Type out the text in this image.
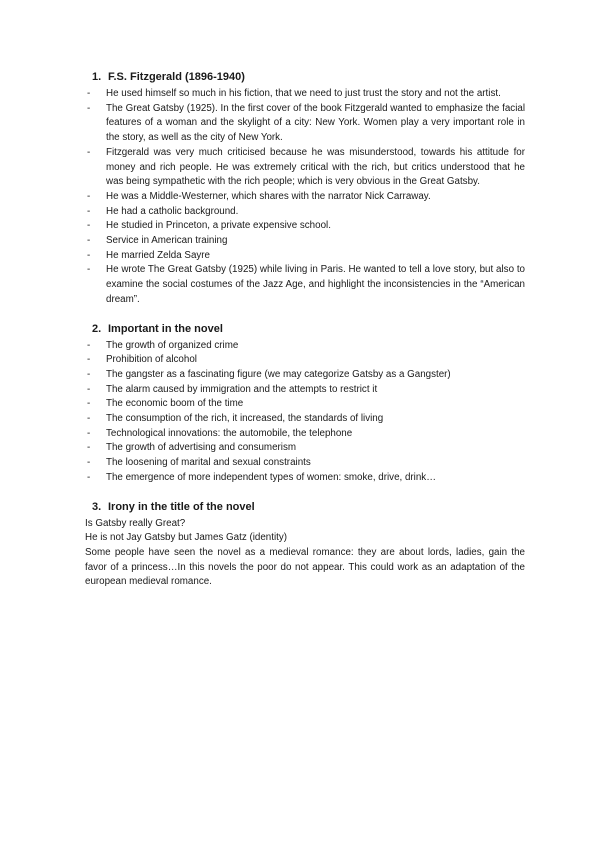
1. F.S. Fitzgerald (1896-1940)
- He used himself so much in his fiction, that we need to just trust the story and not the artist.
- The Great Gatsby (1925). In the first cover of the book Fitzgerald wanted to emphasize the facial features of a woman and the skylight of a city: New York. Women play a very important role in the story, as well as the city of New York.
- Fitzgerald was very much criticised because he was misunderstood, towards his attitude for money and rich people. He was extremely critical with the rich, but critics understood that he was being sympathetic with the rich people; which is very obvious in the Great Gatsby.
- He was a Middle-Westerner, which shares with the narrator Nick Carraway.
- He had a catholic background.
- He studied in Princeton, a private expensive school.
- Service in American training
- He married Zelda Sayre
- He wrote The Great Gatsby (1925) while living in Paris. He wanted to tell a love story, but also to examine the social costumes of the Jazz Age, and highlight the inconsistencies in the “American dream”.
2. Important in the novel
- The growth of organized crime
- Prohibition of alcohol
- The gangster as a fascinating figure (we may categorize Gatsby as a Gangster)
- The alarm caused by immigration and the attempts to restrict it
- The economic boom of the time
- The consumption of the rich, it increased, the standards of living
- Technological innovations: the automobile, the telephone
- The growth of advertising and consumerism
- The loosening of marital and sexual constraints
- The emergence of more independent types of women: smoke, drive, drink…
3. Irony in the title of the novel

Is Gatsby really Great?

He is not Jay Gatsby but James Gatz (identity)

Some people have seen the novel as a medieval romance: they are about lords, ladies, gain the favor of a princess…In this novels the poor do not appear. This could work as an adaptation of the european medieval romance.
